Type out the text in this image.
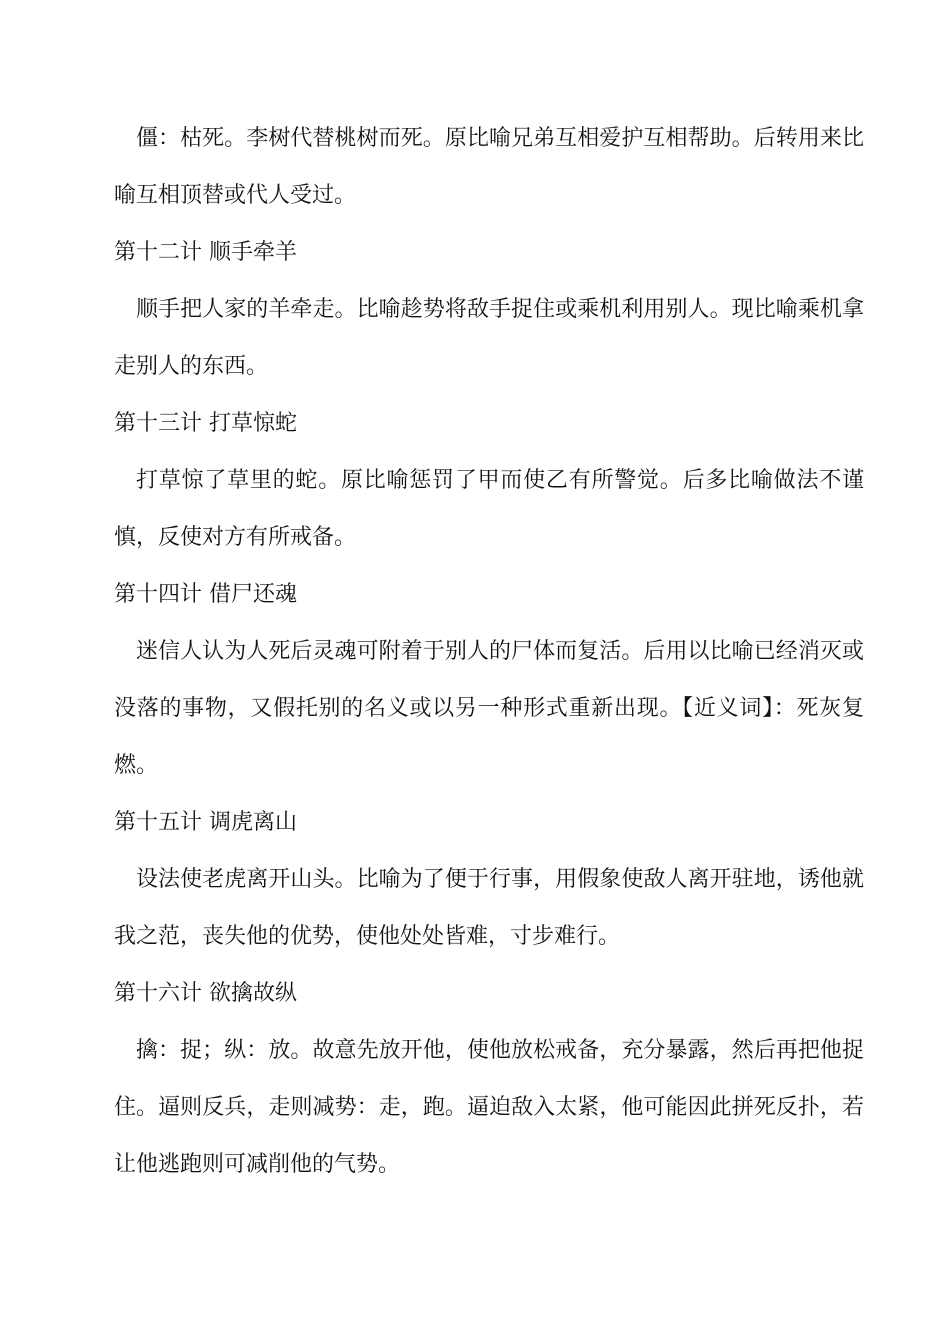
僵：枯死。李树代替桃树而死。原比喻兄弟互相爱护互相帮助。后转用来比喻互相顶替或代人受过。

第十二计 顺手牵羊

顺手把人家的羊牵走。比喻趁势将敌手捉住或乘机利用别人。现比喻乘机拿走别人的东西。

第十三计 打草惊蛇

打草惊了草里的蛇。原比喻惩罚了甲而使乙有所警觉。后多比喻做法不谨慎，反使对方有所戒备。

第十四计 借尸还魂

迷信人认为人死后灵魂可附着于别人的尸体而复活。后用以比喻已经消灭或没落的事物，又假托别的名义或以另一种形式重新出现。【近义词】：死灰复燃。

第十五计 调虎离山

设法使老虎离开山头。比喻为了便于行事，用假象使敌人离开驻地，诱他就我之范，丧失他的优势，使他处处皆难，寸步难行。

第十六计 欲擒故纵

擒：捉；纵：放。故意先放开他，使他放松戒备，充分暴露，然后再把他捉住。逼则反兵，走则减势：走，跑。逼迫敌入太紧，他可能因此拼死反扑，若让他逃跑则可减削他的气势。
